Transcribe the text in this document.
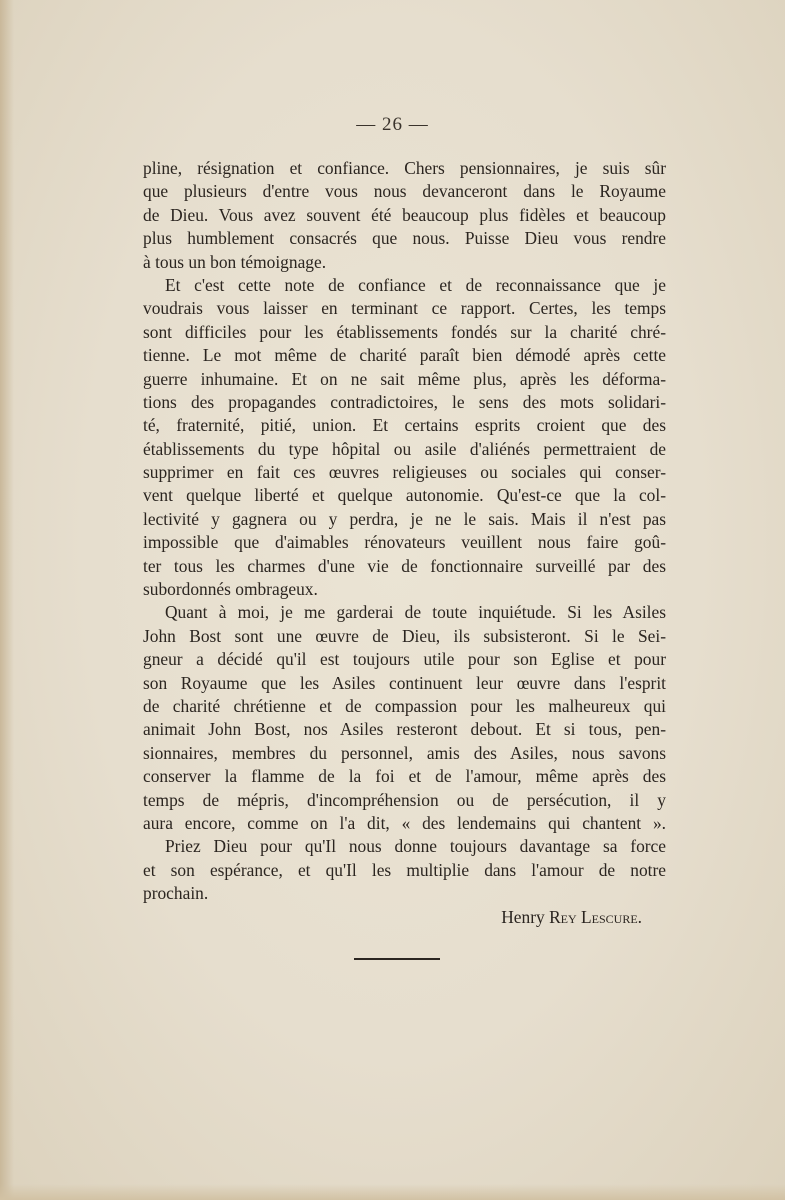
— 26 —
pline, résignation et confiance. Chers pensionnaires, je suis sûr
que plusieurs d'entre vous nous devanceront dans le Royaume
de Dieu. Vous avez souvent été beaucoup plus fidèles et beaucoup
plus humblement consacrés que nous. Puisse Dieu vous rendre
à tous un bon témoignage.
Et c'est cette note de confiance et de reconnaissance que je
voudrais vous laisser en terminant ce rapport. Certes, les temps
sont difficiles pour les établissements fondés sur la charité chré-
tienne. Le mot même de charité paraît bien démodé après cette
guerre inhumaine. Et on ne sait même plus, après les déforma-
tions des propagandes contradictoires, le sens des mots solidari-
té, fraternité, pitié, union. Et certains esprits croient que des
établissements du type hôpital ou asile d'aliénés permettraient de
supprimer en fait ces œuvres religieuses ou sociales qui conser-
vent quelque liberté et quelque autonomie. Qu'est-ce que la col-
lectivité y gagnera ou y perdra, je ne le sais. Mais il n'est pas
impossible que d'aimables rénovateurs veuillent nous faire goû-
ter tous les charmes d'une vie de fonctionnaire surveillé par des
subordonnés ombrageux.
Quant à moi, je me garderai de toute inquiétude. Si les Asiles
John Bost sont une œuvre de Dieu, ils subsisteront. Si le Sei-
gneur a décidé qu'il est toujours utile pour son Eglise et pour
son Royaume que les Asiles continuent leur œuvre dans l'esprit
de charité chrétienne et de compassion pour les malheureux qui
animait John Bost, nos Asiles resteront debout. Et si tous, pen-
sionnaires, membres du personnel, amis des Asiles, nous savons
conserver la flamme de la foi et de l'amour, même après des
temps de mépris, d'incompréhension ou de persécution, il y
aura encore, comme on l'a dit, « des lendemains qui chantent ».
Priez Dieu pour qu'Il nous donne toujours davantage sa force
et son espérance, et qu'Il les multiplie dans l'amour de notre
prochain.
Henry Rey Lescure.
